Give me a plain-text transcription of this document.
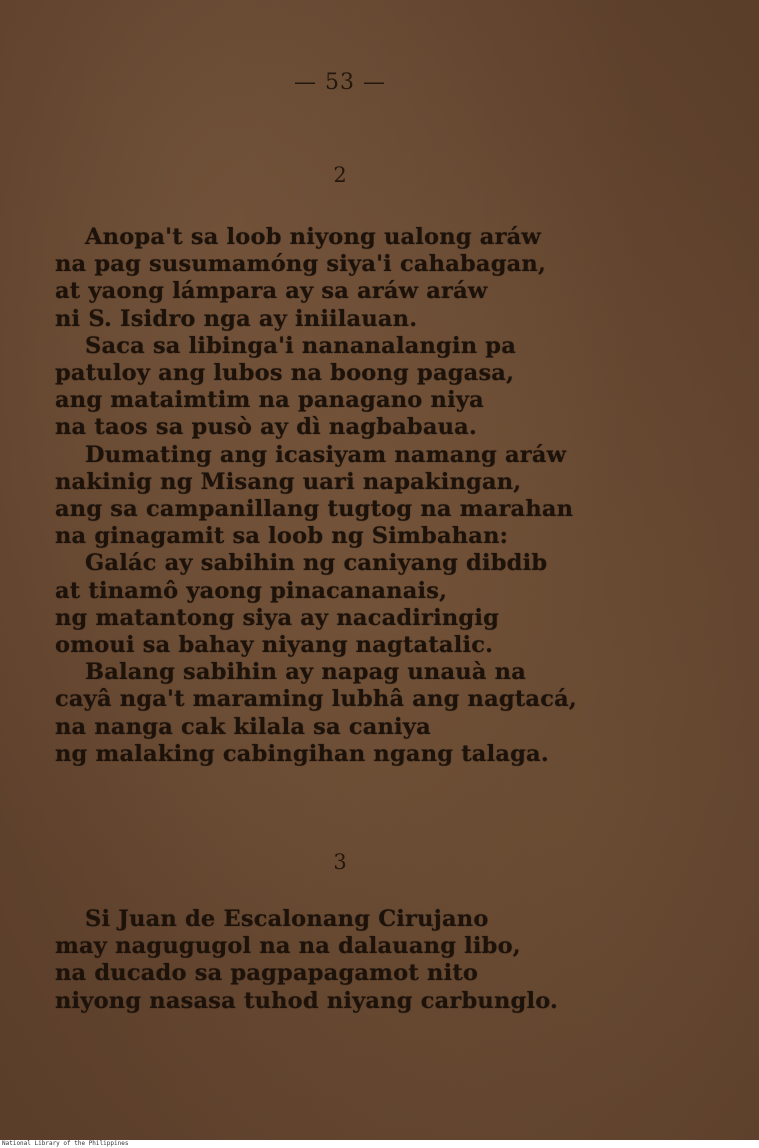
— 53 —
2
Anopa't sa loob niyong ualong aráw
na pag susumamóng siya'i cahabagan,
at yaong lámpara ay sa aráw aráw
ni S. Isidro nga ay iniilauan.
Saca sa libinga'i nananalangin pa
patuloy ang lubos na boong pagasa,
ang mataimtim na panagano niya
na taos sa pusò ay dì nagbabaua.
Dumating ang icasiyam namang aráw
nakinig ng Misang uari napakingan,
ang sa campanillang tugtog na marahan
na ginagamit sa loob ng Simbahan:
Galác ay sabihin ng caniyang dibdib
at tinamô yaong pinacananais,
ng matantong siya ay nacadiringig
omoui sa bahay niyang nagtatalic.
Balang sabihin ay napag unauà na
cayâ nga't maraming lubhâ ang nagtacá,
na nanga cak kilala sa caniya
ng malaking cabingihan ngang talaga.
3
Si Juan de Escalonang Cirujano
may nagugugol na na dalauang libo,
na ducado sa pagpapagamot nito
niyong nasasa tuhod niyang carbunglo.
National Library of the Philippines
